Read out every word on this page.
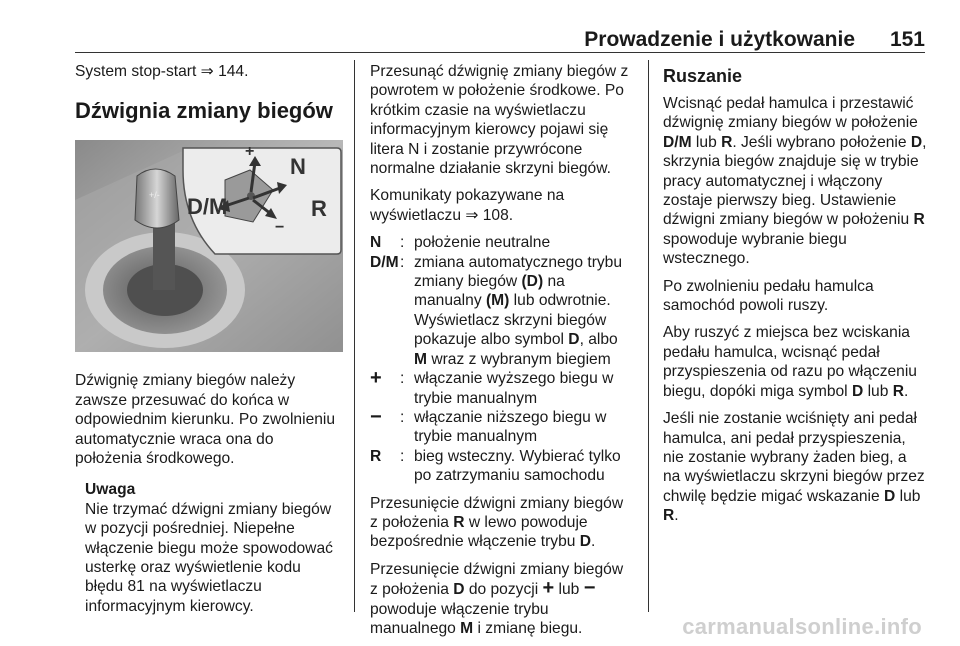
Prowadzenie i użytkowanie 151

System stop-start ⇒ 144.

Dźwignia zmiany biegów
+/-
N
D/M	R
+
−

Dźwignię zmiany biegów należy zawsze przesuwać do końca w odpowiednim kierunku. Po zwolnieniu automatycznie wraca ona do położenia środkowego.

Uwaga
Nie trzymać dźwigni zmiany biegów w pozycji pośredniej. Niepełne włączenie biegu może spowodować usterkę oraz wyświetlenie kodu błędu 81 na wyświetlaczu informacyjnym kierowcy.

Przesunąć dźwignię zmiany biegów z powrotem w położenie środkowe. Po krótkim czasie na wyświetlaczu informacyjnym kierowcy pojawi się litera N i zostanie przywrócone normalne działanie skrzyni biegów.

Komunikaty pokazywane na wyświetlaczu ⇒ 108.

N	: położenie neutralne
D/M : zmiana automatycznego trybu zmiany biegów (D) na manualny (M) lub odwrotnie. Wyświetlacz skrzyni biegów pokazuje albo symbol D, albo M wraz z wybranym biegiem
+	: włączanie wyższego biegu w trybie manualnym
−	: włączanie niższego biegu w trybie manualnym
R	: bieg wsteczny. Wybierać tylko po zatrzymaniu samochodu

Przesunięcie dźwigni zmiany biegów z położenia R w lewo powoduje bezpośrednie włączenie trybu D.

Przesunięcie dźwigni zmiany biegów z położenia D do pozycji + lub − powoduje włączenie trybu manualnego M i zmianę biegu.

Ruszanie

Wcisnąć pedał hamulca i przestawić dźwignię zmiany biegów w położenie D/M lub R. Jeśli wybrano położenie D, skrzynia biegów znajduje się w trybie pracy automatycznej i włączony zostaje pierwszy bieg. Ustawienie dźwigni zmiany biegów w położeniu R spowoduje wybranie biegu wstecznego.

Po zwolnieniu pedału hamulca samochód powoli ruszy.

Aby ruszyć z miejsca bez wciskania pedału hamulca, wcisnąć pedał przyspieszenia od razu po włączeniu biegu, dopóki miga symbol D lub R.

Jeśli nie zostanie wciśnięty ani pedał hamulca, ani pedał przyspieszenia, nie zostanie wybrany żaden bieg, a na wyświetlaczu skrzyni biegów przez chwilę będzie migać wskazanie D lub R.

carmanualsonline.info
